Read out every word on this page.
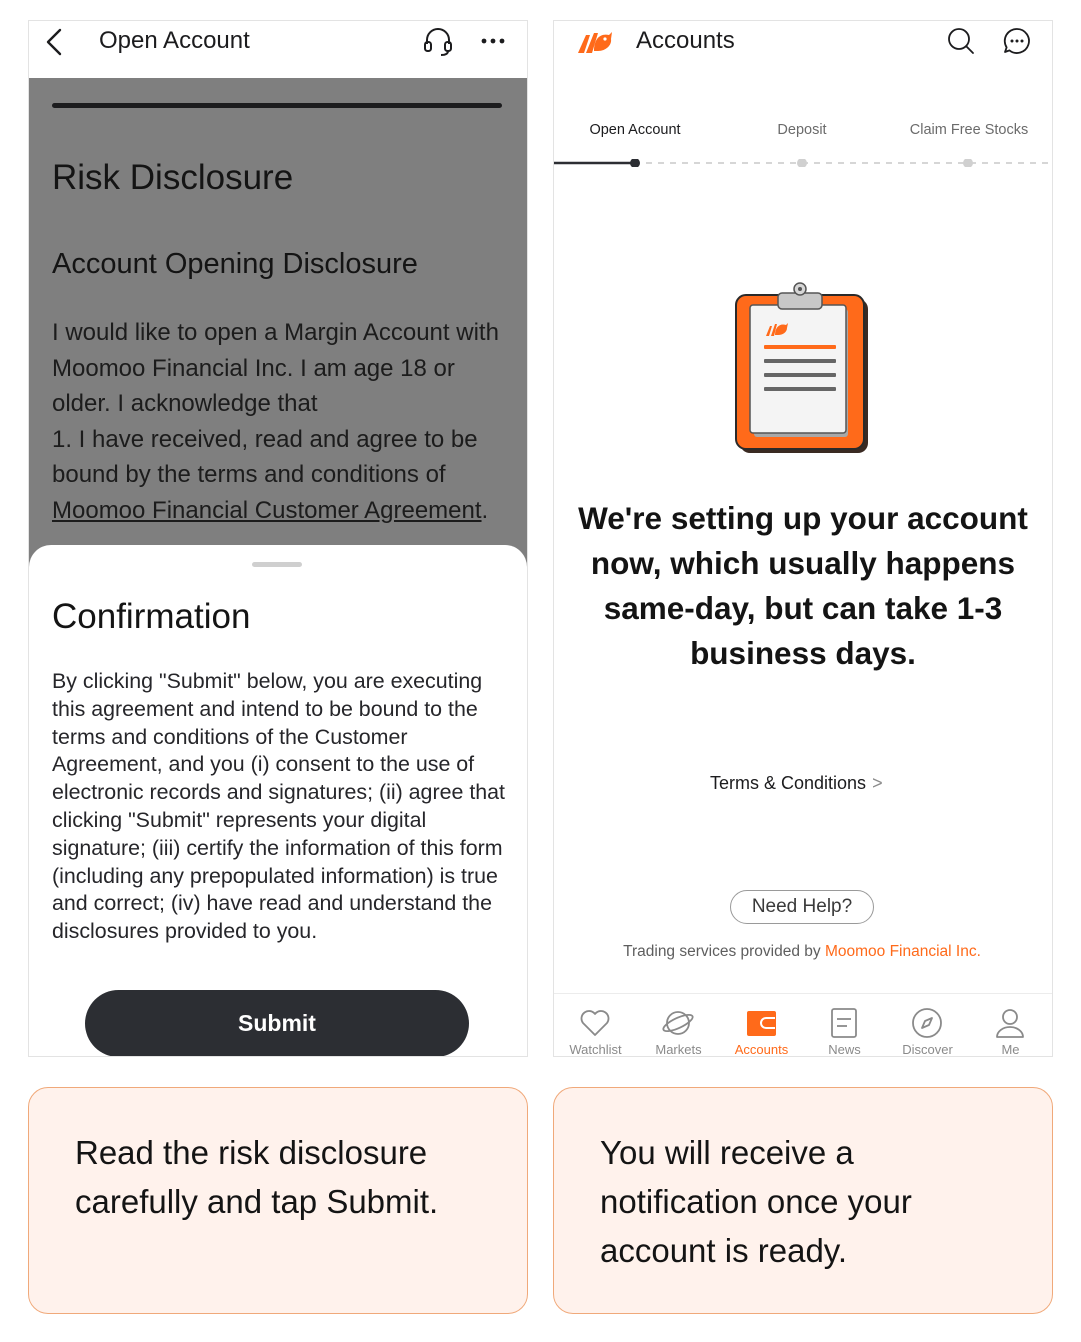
Open Account
Risk Disclosure
Account Opening Disclosure

I would like to open a Margin Account with Moomoo Financial Inc. I am age 18 or older. I acknowledge that

1. I have received, read and agree to be bound by the terms and conditions of Moomoo Financial Customer Agreement.

Confirmation
By clicking "Submit" below, you are executing this agreement and intend to be bound to the terms and conditions of the Customer Agreement, and you (i) consent to the use of electronic records and signatures; (ii) agree that clicking "Submit" represents your digital signature; (iii) certify the information of this form (including any prepopulated information) is true and correct; (iv) have read and understand the disclosures provided to you.
Submit
Accounts
Open Account	Deposit	Claim Free Stocks
We're setting up your account now, which usually happens same-day, but can take 1-3 business days.
Terms & Conditions >
Need Help?
Trading services provided by Moomoo Financial Inc.
Watchlist	Markets	Accounts	News	Discover	Me
Read the risk disclosure carefully and tap Submit.
You will receive a notification once your account is ready.
